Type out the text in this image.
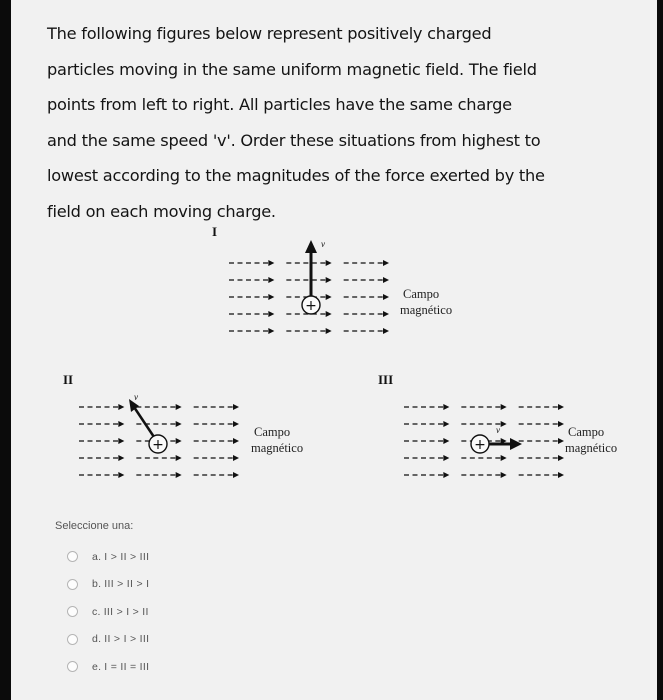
The following figures below represent positively charged
particles moving in the same uniform magnetic field. The field
points from left to right. All particles have the same charge
and the same speed 'v'. Order these situations from highest to
lowest according to the magnitudes of the force exerted by the
field on each moving charge.
I
v
+
Campo
magnético
II
v
+
Campo
magnético
III
+
v	Campo
magnético
Seleccione una:
a.
I > II > III
b.
III > II > I
c.
III > I > II
d.
II > I > III
e.
I = II = III
